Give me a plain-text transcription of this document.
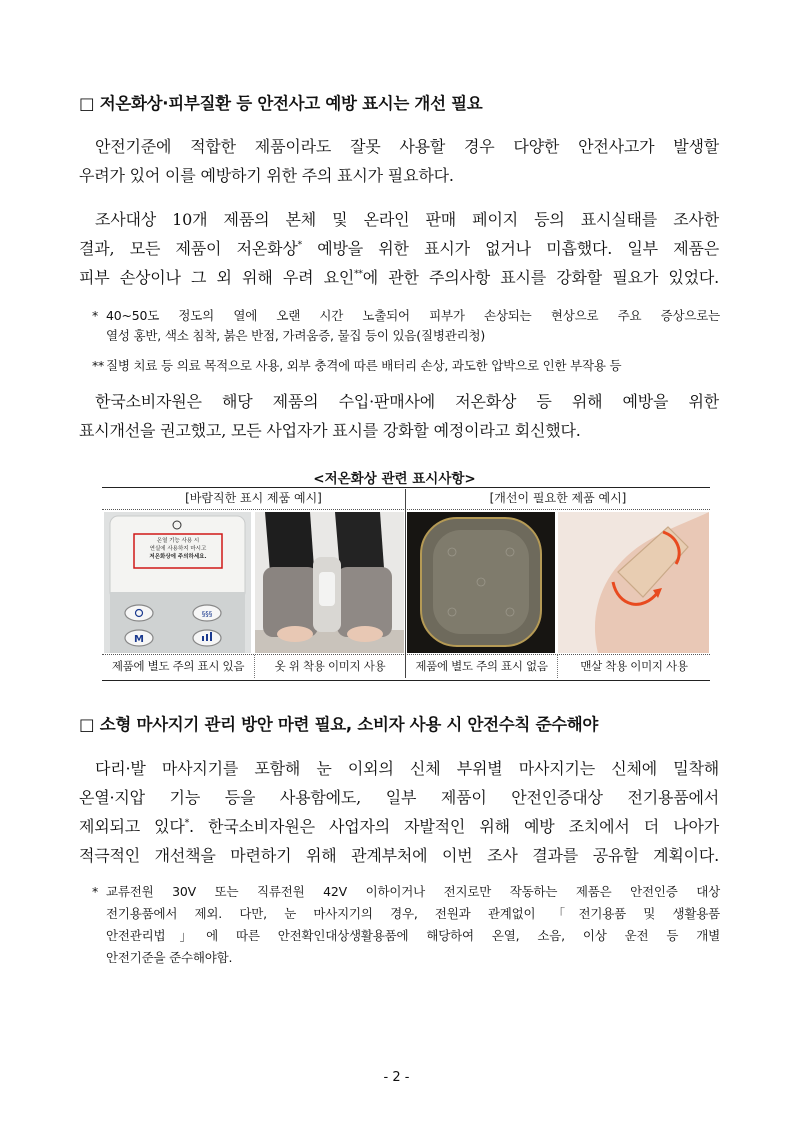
□ 저온화상·피부질환 등 안전사고 예방 표시는 개선 필요
안전기준에 적합한 제품이라도 잘못 사용할 경우 다양한 안전사고가 발생할
우려가 있어 이를 예방하기 위한 주의 표시가 필요하다.
조사대상 10개 제품의 본체 및 온라인 판매 페이지 등의 표시실태를 조사한
결과, 모든 제품이 저온화상* 예방을 위한 표시가 없거나 미흡했다. 일부 제품은
피부 손상이나 그 외 위해 우려 요인**에 관한 주의사항 표시를 강화할 필요가 있었다.
* 40~50도 정도의 열에 오랜 시간 노출되어 피부가 손상되는 현상으로 주요 증상으로는
열성 홍반, 색소 침착, 붉은 반점, 가려움증, 물집 등이 있음(질병관리청)
** 질병 치료 등 의료 목적으로 사용, 외부 충격에 따른 배터리 손상, 과도한 압박으로 인한 부작용 등
한국소비자원은 해당 제품의 수입·판매사에 저온화상 등 위해 예방을 위한
표시개선을 권고했고, 모든 사업자가 표시를 강화할 예정이라고 회신했다.
<저온화상 관련 표시사항>
[바람직한 표시 제품 예시]	[개선이 필요한 제품 예시]
온열 기능 사용 시
연실에 사용하지 마시고
저온화상에 주의하세요.
§§§
M
제품에 별도 주의 표시 있음	옷 위 착용 이미지 사용	제품에 별도 주의 표시 없음	맨살 착용 이미지 사용
□ 소형 마사지기 관리 방안 마련 필요, 소비자 사용 시 안전수칙 준수해야
다리·발 마사지기를 포함해 눈 이외의 신체 부위별 마사지기는 신체에 밀착해
온열·지압 기능 등을 사용함에도, 일부 제품이 안전인증대상 전기용품에서
제외되고 있다*. 한국소비자원은 사업자의 자발적인 위해 예방 조치에서 더 나아가
적극적인 개선책을 마련하기 위해 관계부처에 이번 조사 결과를 공유할 계획이다.
* 교류전원 30V 또는 직류전원 42V 이하이거나 전지로만 작동하는 제품은 안전인증 대상
전기용품에서 제외. 다만, 눈 마사지기의 경우, 전원과 관계없이 「전기용품 및 생활용품
안전관리법」에 따른 안전확인대상생활용품에 해당하여 온열, 소음, 이상 운전 등 개별
안전기준을 준수해야함.
- 2 -
